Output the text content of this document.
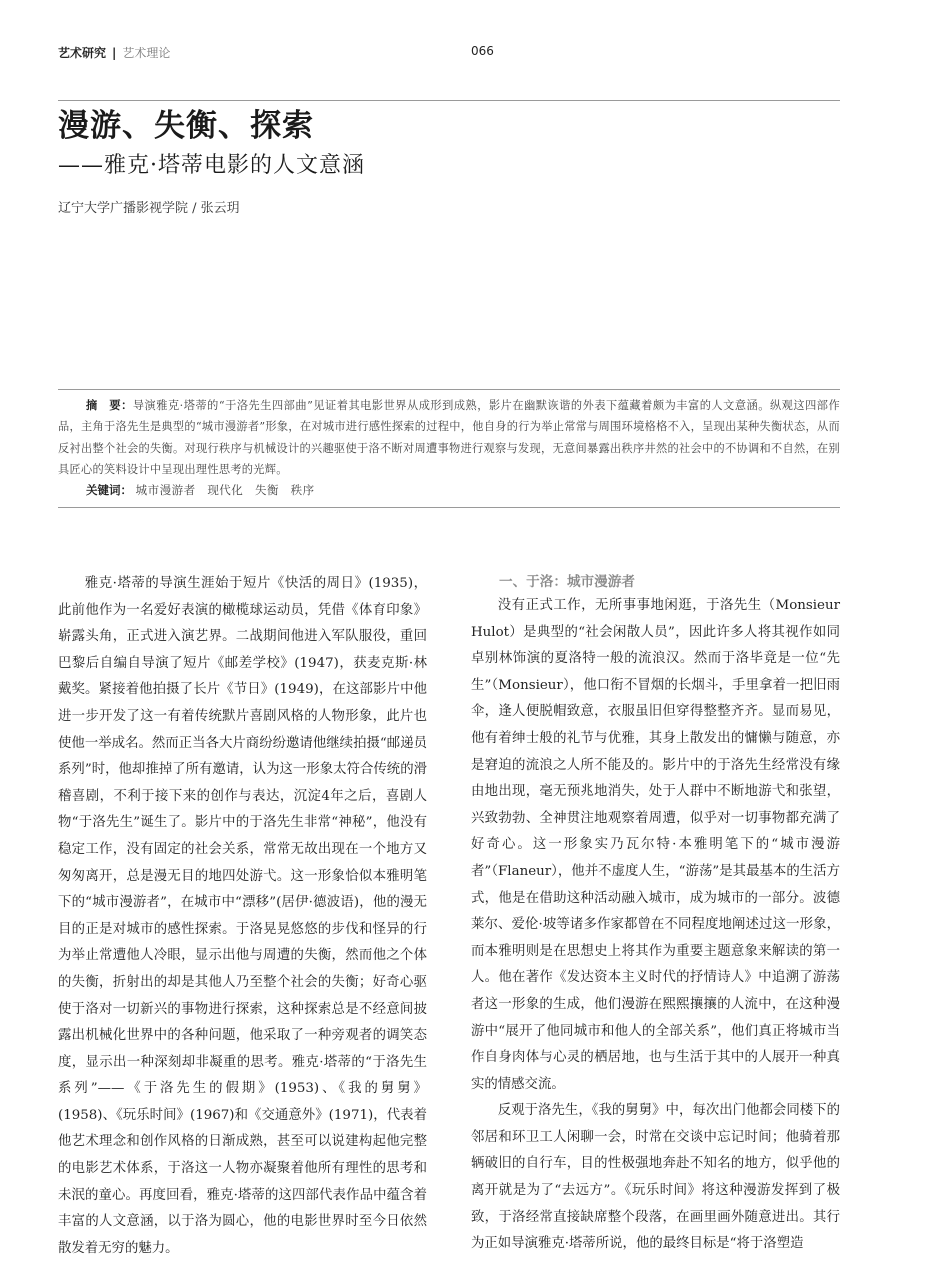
艺术研究 | 艺术理论	066
漫游、失衡、探索
——雅克·塔蒂电影的人文意涵
辽宁大学广播影视学院 / 张云玥
摘　要：导演雅克·塔蒂的“于洛先生四部曲”见证着其电影世界从成形到成熟，影片在幽默诙谐的外表下蕴藏着颇为丰富的人文意涵。纵观这四部作品，主角于洛先生是典型的“城市漫游者”形象，在对城市进行感性探索的过程中，他自身的行为举止常常与周围环境格格不入，呈现出某种失衡状态，从而反衬出整个社会的失衡。对现行秩序与机械设计的兴趣驱使于洛不断对周遭事物进行观察与发现，无意间暴露出秩序井然的社会中的不协调和不自然，在别具匠心的笑料设计中呈现出理性思考的光辉。
关键词： 城市漫游者 现代化 失衡 秩序

雅克·塔蒂的导演生涯始于短片《快活的周日》(1935)，此前他作为一名爱好表演的橄榄球运动员，凭借《体育印象》崭露头角，正式进入演艺界。二战期间他进入军队服役，重回巴黎后自编自导演了短片《邮差学校》(1947)，获麦克斯·林戴奖。紧接着他拍摄了长片《节日》(1949)，在这部影片中他进一步开发了这一有着传统默片喜剧风格的人物形象，此片也使他一举成名。然而正当各大片商纷纷邀请他继续拍摄“邮递员系列”时，他却推掉了所有邀请，认为这一形象太符合传统的滑稽喜剧，不利于接下来的创作与表达，沉淀4年之后，喜剧人物“于洛先生”诞生了。影片中的于洛先生非常“神秘”，他没有稳定工作，没有固定的社会关系，常常无故出现在一个地方又匆匆离开，总是漫无目的地四处游弋。这一形象恰似本雅明笔下的“城市漫游者”，在城市中“漂移”(居伊·德波语)，他的漫无目的正是对城市的感性探索。于洛晃晃悠悠的步伐和怪异的行为举止常遭他人冷眼，显示出他与周遭的失衡，然而他之个体的失衡，折射出的却是其他人乃至整个社会的失衡；好奇心驱使于洛对一切新兴的事物进行探索，这种探索总是不经意间披露出机械化世界中的各种问题，他采取了一种旁观者的调笑态度，显示出一种深刻却非凝重的思考。雅克·塔蒂的“于洛先生系列”——《于洛先生的假期》(1953)、《我的舅舅》(1958)、《玩乐时间》(1967)和《交通意外》(1971)，代表着他艺术理念和创作风格的日渐成熟，甚至可以说建构起他完整的电影艺术体系，于洛这一人物亦凝聚着他所有理性的思考和未泯的童心。再度回看，雅克·塔蒂的这四部代表作品中蕴含着丰富的人文意涵，以于洛为圆心，他的电影世界时至今日依然散发着无穷的魅力。

一、于洛：城市漫游者

没有正式工作，无所事事地闲逛，于洛先生（Monsieur Hulot）是典型的“社会闲散人员”，因此许多人将其视作如同卓别林饰演的夏洛特一般的流浪汉。然而于洛毕竟是一位“先生”（Monsieur），他口衔不冒烟的长烟斗，手里拿着一把旧雨伞，逢人便脱帽致意，衣服虽旧但穿得整整齐齐。显而易见，他有着绅士般的礼节与优雅，其身上散发出的慵懒与随意，亦是窘迫的流浪之人所不能及的。影片中的于洛先生经常没有缘由地出现，毫无预兆地消失，处于人群中不断地游弋和张望，兴致勃勃、全神贯注地观察着周遭，似乎对一切事物都充满了好奇心。这一形象实乃瓦尔特·本雅明笔下的“城市漫游者”（Flaneur），他并不虚度人生，“游荡”是其最基本的生活方式，他是在借助这种活动融入城市，成为城市的一部分。波德莱尔、爱伦·坡等诸多作家都曾在不同程度地阐述过这一形象，而本雅明则是在思想史上将其作为重要主题意象来解读的第一人。他在著作《发达资本主义时代的抒情诗人》中追溯了游荡者这一形象的生成，他们漫游在熙熙攘攘的人流中，在这种漫游中“展开了他同城市和他人的全部关系”，他们真正将城市当作自身肉体与心灵的栖居地，也与生活于其中的人展开一种真实的情感交流。

反观于洛先生，《我的舅舅》中，每次出门他都会同楼下的邻居和环卫工人闲聊一会，时常在交谈中忘记时间；他骑着那辆破旧的自行车，目的性极强地奔赴不知名的地方，似乎他的离开就是为了“去远方”。《玩乐时间》将这种漫游发挥到了极致，于洛经常直接缺席整个段落，在画里画外随意进出。其行为正如导演雅克·塔蒂所说，他的最终目标是“将于洛塑造
